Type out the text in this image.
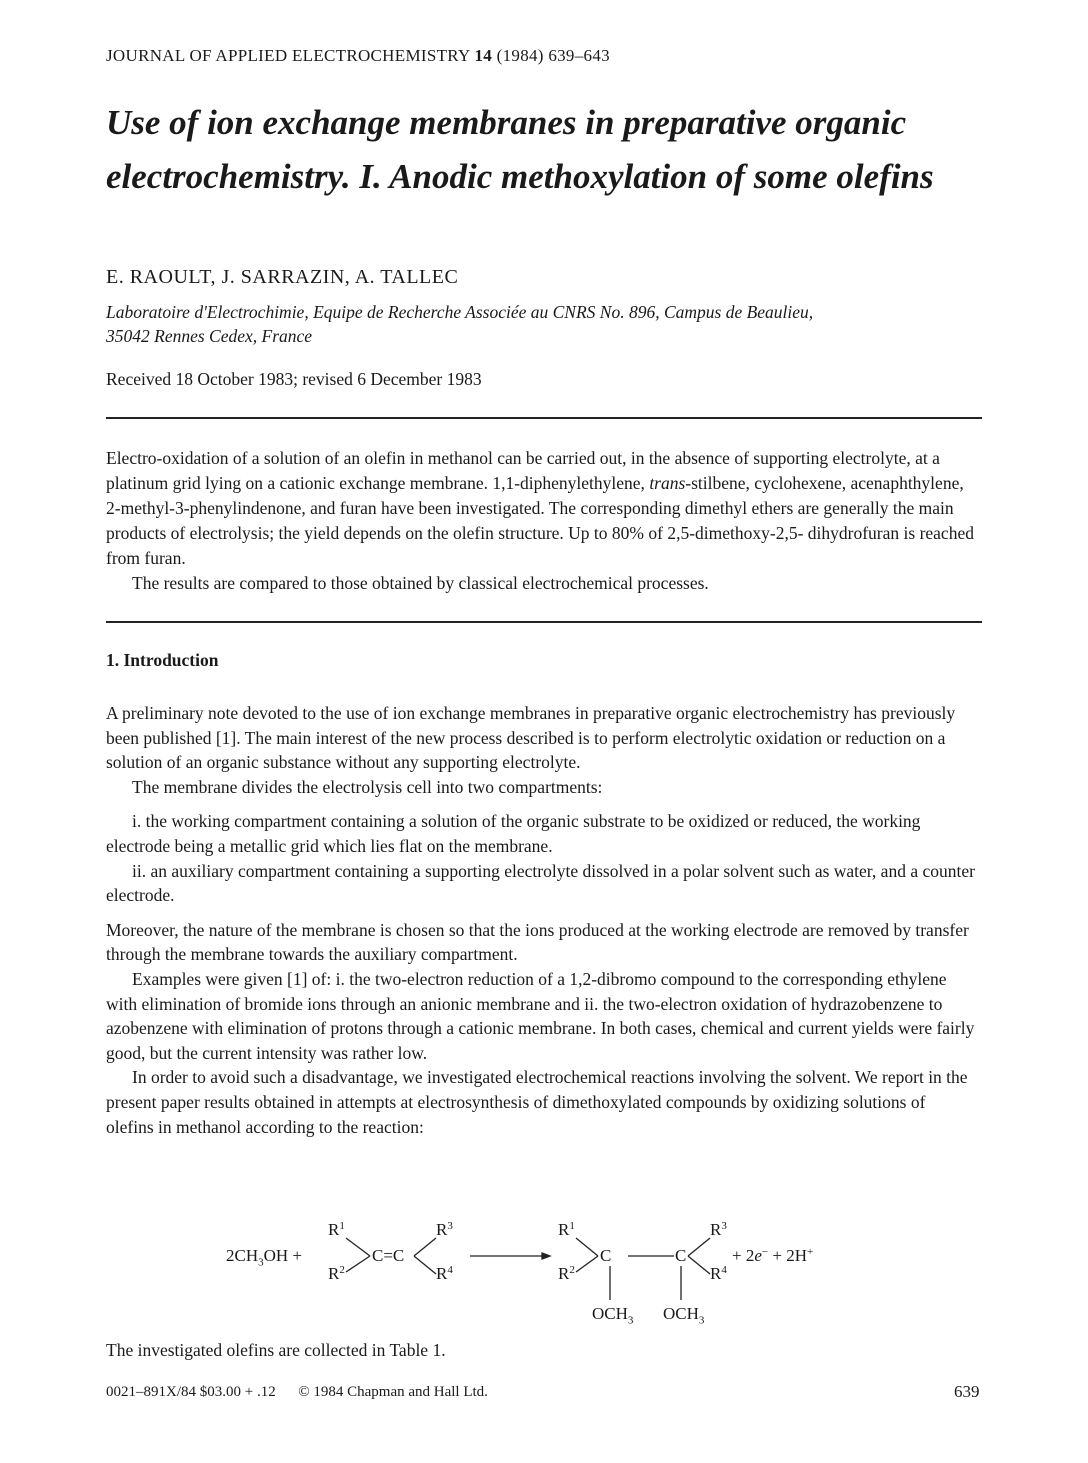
JOURNAL OF APPLIED ELECTROCHEMISTRY 14 (1984) 639–643
Use of ion exchange membranes in preparative organic electrochemistry. I. Anodic methoxylation of some olefins
E. RAOULT, J. SARRAZIN, A. TALLEC
Laboratoire d'Electrochimie, Equipe de Recherche Associée au CNRS No. 896, Campus de Beaulieu,
35042 Rennes Cedex, France
Received 18 October 1983; revised 6 December 1983

Electro-oxidation of a solution of an olefin in methanol can be carried out, in the absence of supporting electrolyte, at a platinum grid lying on a cationic exchange membrane. 1,1-diphenylethylene, trans-stilbene, cyclohexene, acenaphthylene, 2-methyl-3-phenylindenone, and furan have been investigated. The corresponding dimethyl ethers are generally the main products of electrolysis; the yield depends on the olefin structure. Up to 80% of 2,5-dimethoxy-2,5- dihydrofuran is reached from furan.

The results are compared to those obtained by classical electrochemical processes.

1. Introduction

A preliminary note devoted to the use of ion exchange membranes in preparative organic electrochemistry has previously been published [1]. The main interest of the new process described is to perform electrolytic oxidation or reduction on a solution of an organic substance without any supporting electrolyte.

The membrane divides the electrolysis cell into two compartments:

i. the working compartment containing a solution of the organic substrate to be oxidized or reduced, the working electrode being a metallic grid which lies flat on the membrane.

ii. an auxiliary compartment containing a supporting electrolyte dissolved in a polar solvent such as water, and a counter electrode.

Moreover, the nature of the membrane is chosen so that the ions produced at the working electrode are removed by transfer through the membrane towards the auxiliary compartment.

Examples were given [1] of: i. the two-electron reduction of a 1,2-dibromo compound to the corresponding ethylene with elimination of bromide ions through an anionic membrane and ii. the two-electron oxidation of hydrazobenzene to azobenzene with elimination of protons through a cationic membrane. In both cases, chemical and current yields were fairly good, but the current intensity was rather low.

In order to avoid such a disadvantage, we investigated electrochemical reactions involving the solvent. We report in the present paper results obtained in attempts at electrosynthesis of dimethoxylated compounds by oxidizing solutions of olefins in methanol according to the reaction:

$2CH_3OH$ +
$R^1$
$R^2$
C=C
$R^3$
$R^4$
$R^1$
$R^2$
C	C
$R^3$
$R^4$
+ 2e− + 2H+
$OCH_3$ $OCH_3$
The investigated olefins are collected in Table 1.
0021–891X/84 $03.00 + .12 © 1984 Chapman and Hall Ltd.	639
